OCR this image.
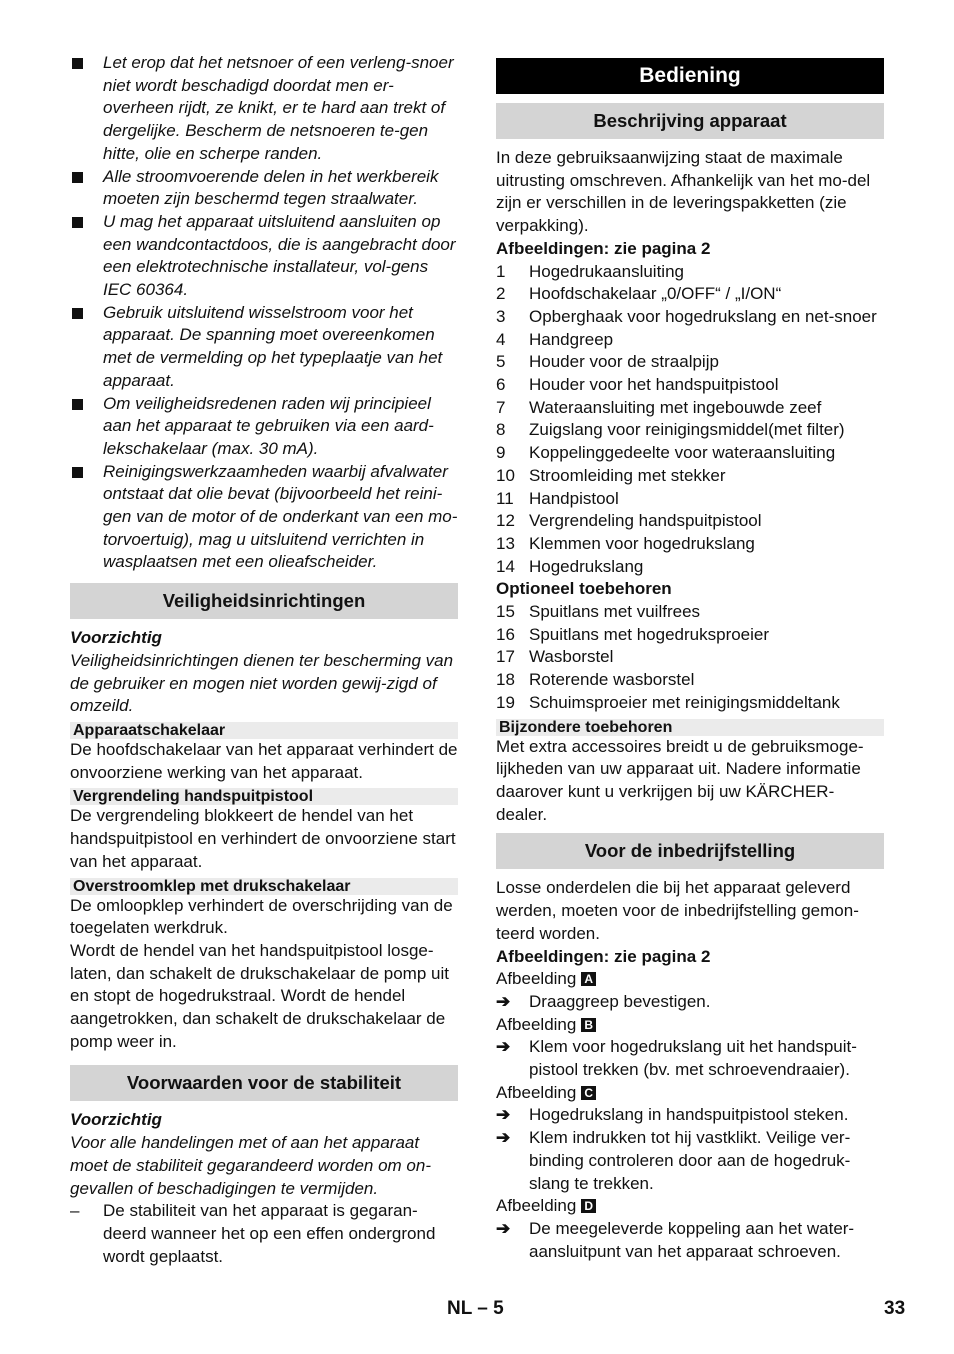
Let erop dat het netsnoer of een verleng-snoer niet wordt beschadigd doordat men er-overheen rijdt, ze knikt, er te hard aan trekt of dergelijke. Bescherm de netsnoeren te-gen hitte, olie en scherpe randen.
Alle stroomvoerende delen in het werkbereik moeten zijn beschermd tegen straalwater.
U mag het apparaat uitsluitend aansluiten op een wandcontactdoos, die is aangebracht door een elektrotechnische installateur, vol-gens IEC 60364.
Gebruik uitsluitend wisselstroom voor het apparaat. De spanning moet overeenkomen met de vermelding op het typeplaatje van het apparaat.
Om veiligheidsredenen raden wij principieel aan het apparaat te gebruiken via een aard-lekschakelaar (max. 30 mA).
Reinigingswerkzaamheden waarbij afvalwater ontstaat dat olie bevat (bijvoorbeeld het reini-gen van de motor of de onderkant van een mo-torvoertuig), mag u uitsluitend verrichten in wasplaatsen met een olieafscheider.
Veiligheidsinrichtingen
Voorzichtig
Veiligheidsinrichtingen dienen ter bescherming van de gebruiker en mogen niet worden gewij-zigd of omzeild.
Apparaatschakelaar
De hoofdschakelaar van het apparaat verhindert de onvoorziene werking van het apparaat.
Vergrendeling handspuitpistool
De vergrendeling blokkeert de hendel van het handspuitpistool en verhindert de onvoorziene start van het apparaat.
Overstroomklep met drukschakelaar
De omloopklep verhindert de overschrijding van de toegelaten werkdruk.
Wordt de hendel van het handspuitpistool losge-laten, dan schakelt de drukschakelaar de pomp uit en stopt de hogedrukstraal. Wordt de hendel aangetrokken, dan schakelt de drukschakelaar de pomp weer in.
Voorwaarden voor de stabiliteit
Voorzichtig
Voor alle handelingen met of aan het apparaat moet de stabiliteit gegarandeerd worden om on-gevallen of beschadigingen te vermijden.
– De stabiliteit van het apparaat is gegaran-deerd wanneer het op een effen ondergrond wordt geplaatst.
Bediening
Beschrijving apparaat
In deze gebruiksaanwijzing staat de maximale uitrusting omschreven. Afhankelijk van het mo-del zijn er verschillen in de leveringspakketten (zie verpakking).
Afbeeldingen: zie pagina 2
1 Hogedrukaansluiting
2 Hoofdschakelaar „0/OFF“ / „I/ON“
3 Opberghaak voor hogedrukslang en net-snoer
4 Handgreep
5 Houder voor de straalpijp
6 Houder voor het handspuitpistool
7 Wateraansluiting met ingebouwde zeef
8 Zuigslang voor reinigingsmiddel(met filter)
9 Koppelinggedeelte voor wateraansluiting
10 Stroomleiding met stekker
11 Handpistool
12 Vergrendeling handspuitpistool
13 Klemmen voor hogedrukslang
14 Hogedrukslang
Optioneel toebehoren
15 Spuitlans met vuilfrees
16 Spuitlans met hogedruksproeier
17 Wasborstel
18 Roterende wasborstel
19 Schuimsproeier met reinigingsmiddeltank
Bijzondere toebehoren
Met extra accessoires breidt u de gebruiksmoge-lijkheden van uw apparaat uit. Nadere informatie daarover kunt u verkrijgen bij uw KÄRCHER-dealer.
Voor de inbedrijfstelling
Losse onderdelen die bij het apparaat geleverd werden, moeten voor de inbedrijfstelling gemon-teerd worden.
Afbeeldingen: zie pagina 2
Afbeelding A
➔ Draaggreep bevestigen.
Afbeelding B
➔ Klem voor hogedrukslang uit het handspuit-pistool trekken (bv. met schroevendraaier).
Afbeelding C
➔ Hogedrukslang in handspuitpistool steken.
➔ Klem indrukken tot hij vastklikt. Veilige ver-binding controleren door aan de hogedruk-slang te trekken.
Afbeelding D
➔ De meegeleverde koppeling aan het water-aansluitpunt van het apparaat schroeven.
NL – 5	33
